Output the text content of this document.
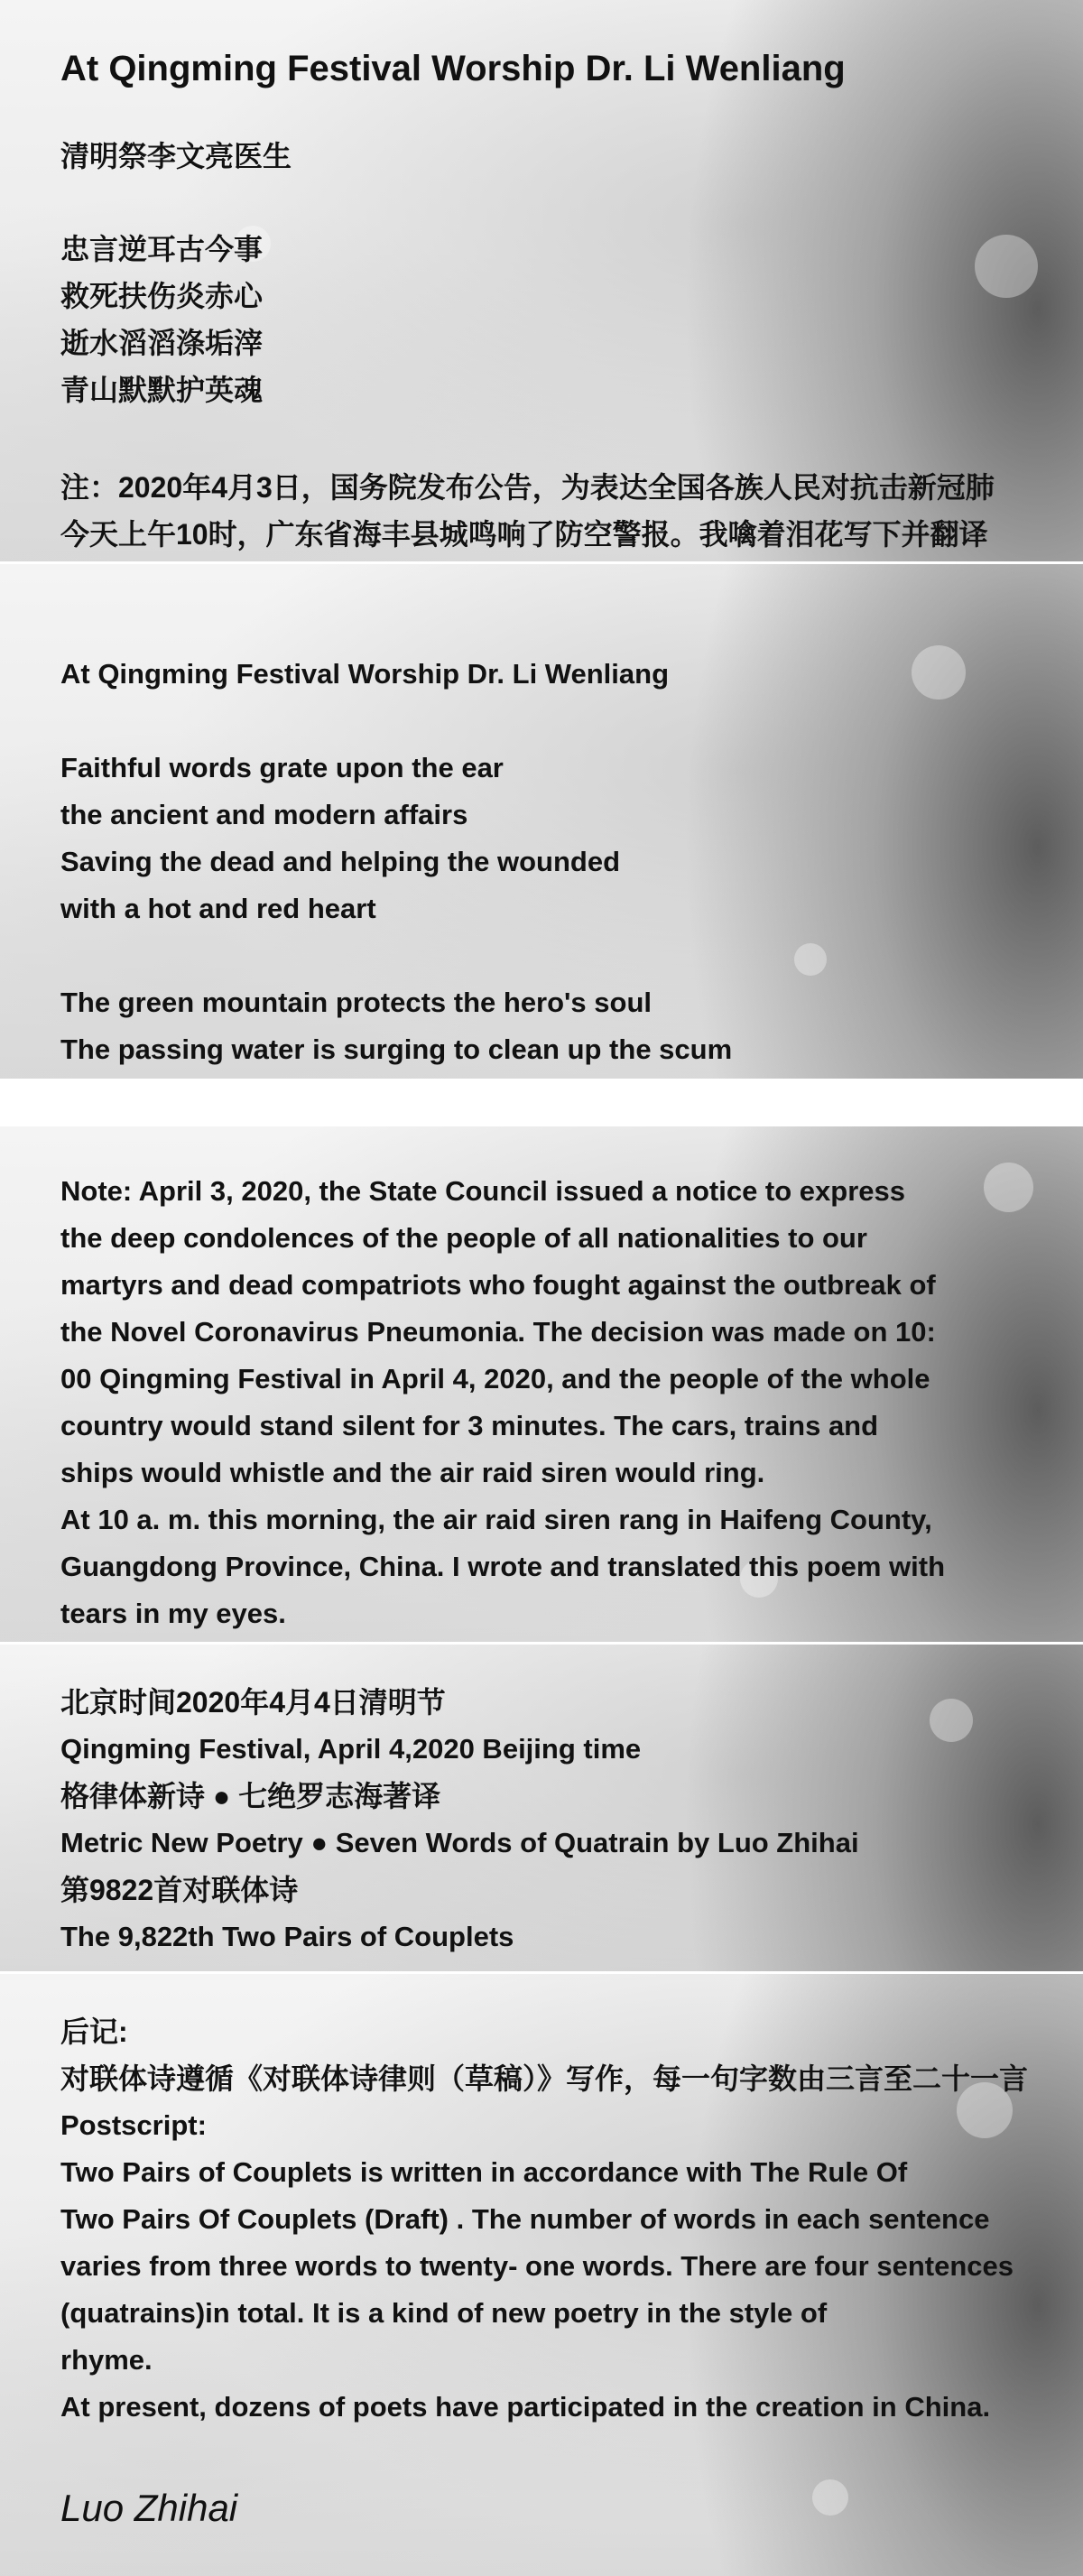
At Qingming Festival Worship Dr. Li Wenliang

清明祭李文亮医生

忠言逆耳古今事

救死扶伤炎赤心

逝水滔滔涤垢滓

青山默默护英魂

注：2020年4月3日，国务院发布公告，为表达全国各族人民对抗击新冠肺

今天上午10时，广东省海丰县城鸣响了防空警报。我噙着泪花写下并翻译

At Qingming Festival Worship Dr. Li Wenliang

Faithful words grate upon the ear

the ancient and modern affairs

Saving the dead and helping the wounded

with a hot and red heart

The green mountain protects the hero's soul

The passing water is surging to clean up the scum

Note: April 3, 2020, the State Council issued a notice to express

the deep condolences of the people of all nationalities to our

martyrs and dead compatriots who fought against the outbreak of

the Novel Coronavirus Pneumonia. The decision was made on 10:

00 Qingming Festival in April 4, 2020, and the people of the whole

country would stand silent for 3 minutes. The cars, trains and

ships would whistle and the air raid siren would ring.

At 10 a. m. this morning, the air raid siren rang in Haifeng County,

Guangdong Province, China. I wrote and translated this poem with

tears in my eyes.

北京时间2020年4月4日清明节

Qingming Festival, April 4,2020 Beijing time

格律体新诗 ● 七绝罗志海著译

Metric New Poetry ● Seven Words of Quatrain by Luo Zhihai

第9822首对联体诗

The 9,822th Two Pairs of Couplets

后记:

对联体诗遵循《对联体诗律则（草稿）》写作，每一句字数由三言至二十一言

Postscript:

Two Pairs of Couplets is written in accordance with The Rule Of

Two Pairs Of Couplets (Draft) . The number of words in each sentence

varies from three words to twenty- one words. There are four sentences

(quatrains)in total. It is a kind of new poetry in the style of

rhyme.

At present, dozens of poets have participated in the creation in China.

Luo Zhihai
